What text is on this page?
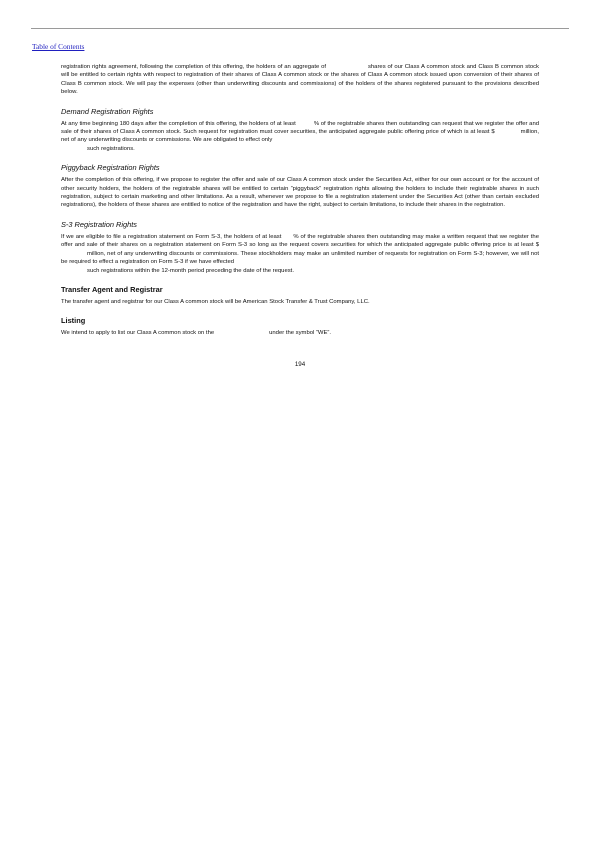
Table of Contents

registration rights agreement, following the completion of this offering, the holders of an aggregate of	shares of our Class A common stock and Class B common stock will be entitled to certain rights with respect to registration of their shares of Class A common stock or the shares of Class A common stock issued upon conversion of their shares of Class B common stock. We will pay the expenses (other than underwriting discounts and commissions) of the holders of the shares registered pursuant to the provisions described below.

Demand Registration Rights

At any time beginning 180 days after the completion of this offering, the holders of at least	% of the registrable shares then outstanding can request that we register the offer and sale of their shares of Class A common stock. Such request for registration must cover securities, the anticipated aggregate public offering price of which is at least $	million, net of any underwriting discounts or commissions. We are obligated to effect only
such registrations.

Piggyback Registration Rights

After the completion of this offering, if we propose to register the offer and sale of our Class A common stock under the Securities Act, either for our own account or for the account of other security holders, the holders of the registrable shares will be entitled to certain “piggyback” registration rights allowing the holders to include their registrable shares in such registration, subject to certain marketing and other limitations. As a result, whenever we propose to file a registration statement under the Securities Act (other than certain excluded registrations), the holders of these shares are entitled to notice of the registration and have the right, subject to certain limitations, to include their shares in the registration.

S-3 Registration Rights

If we are eligible to file a registration statement on Form S-3, the holders of at least % of the registrable shares then outstanding may make a written request that we register the offer and sale of their shares on a registration statement on Form S-3 so long as the request covers securities for which the anticipated aggregate public offering price is at least $million, net of any underwriting discounts or commissions. These stockholders may make an unlimited number of requests for registration on Form S-3; however, we will not be required to effect a registration on Form S-3 if we have effected
such registrations within the 12-month period preceding the date of the request.

Transfer Agent and Registrar

The transfer agent and registrar for our Class A common stock will be American Stock Transfer & Trust Company, LLC.

Listing

We intend to apply to list our Class A common stock on the	under the symbol “WE”.

194
